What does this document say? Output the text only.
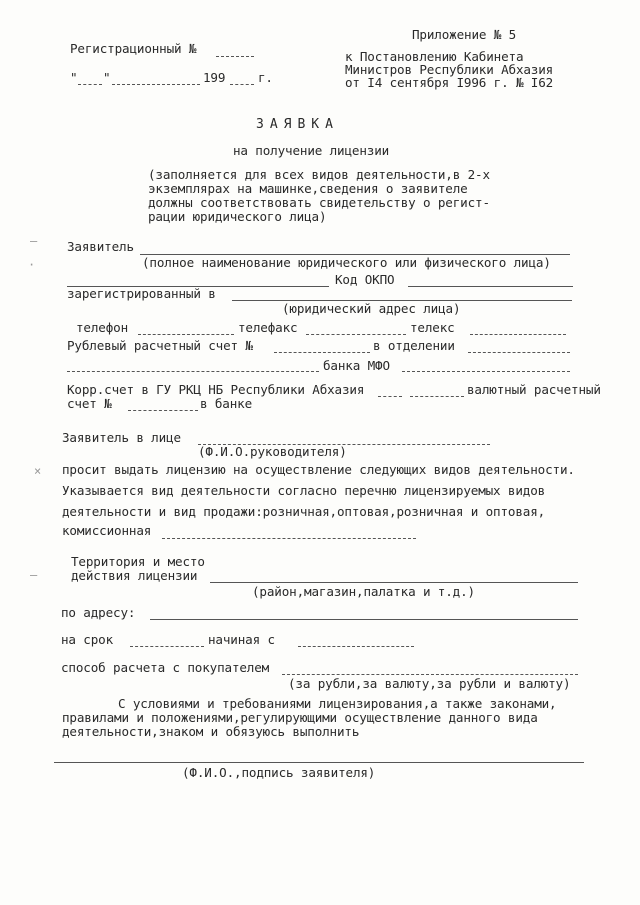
Регистрационный №
" "	199	г.
Приложение № 5
к Постановлению Кабинета
Министров Республики Абхазия
от I4 сентября I996 г. № I62
ЗАЯВКА
на получение лицензии
(заполняется для всех видов деятельности,в 2-х
экземплярах на машинке,сведения о заявителе
должны соответствовать свидетельству о регист-
рации юридического лица)
Заявитель
(полное наименование юридического или физического лица)
Код ОКПО
зарегистрированный в
(юридический адрес лица)
телефон	телефакс	телекс
Рублевый расчетный счет №	в отделении
банка МФО
Корр.счет в ГУ РКЦ НБ Республики Абхазия	валютный расчетный
счет №	в банке
Заявитель в лице
(Ф.И.О.руководителя)
просит выдать лицензию на осуществление следующих видов деятельности.
Указывается вид деятельности согласно перечню лицензируемых видов
деятельности и вид продажи:розничная,оптовая,розничная и оптовая,
комиссионная
Территория и место
действия лицензии
(район,магазин,палатка и т.д.)
по адресу:
на срок	начиная с
способ расчета с покупателем
(за рубли,за валюту,за рубли и валюту)
С условиями и требованиями лицензирования,а также законами,
правилами и положениями,регулирующими осуществление данного вида
деятельности,знаком и обязуюсь выполнить
(Ф.И.О.,подпись заявителя)
–
·
×
–
